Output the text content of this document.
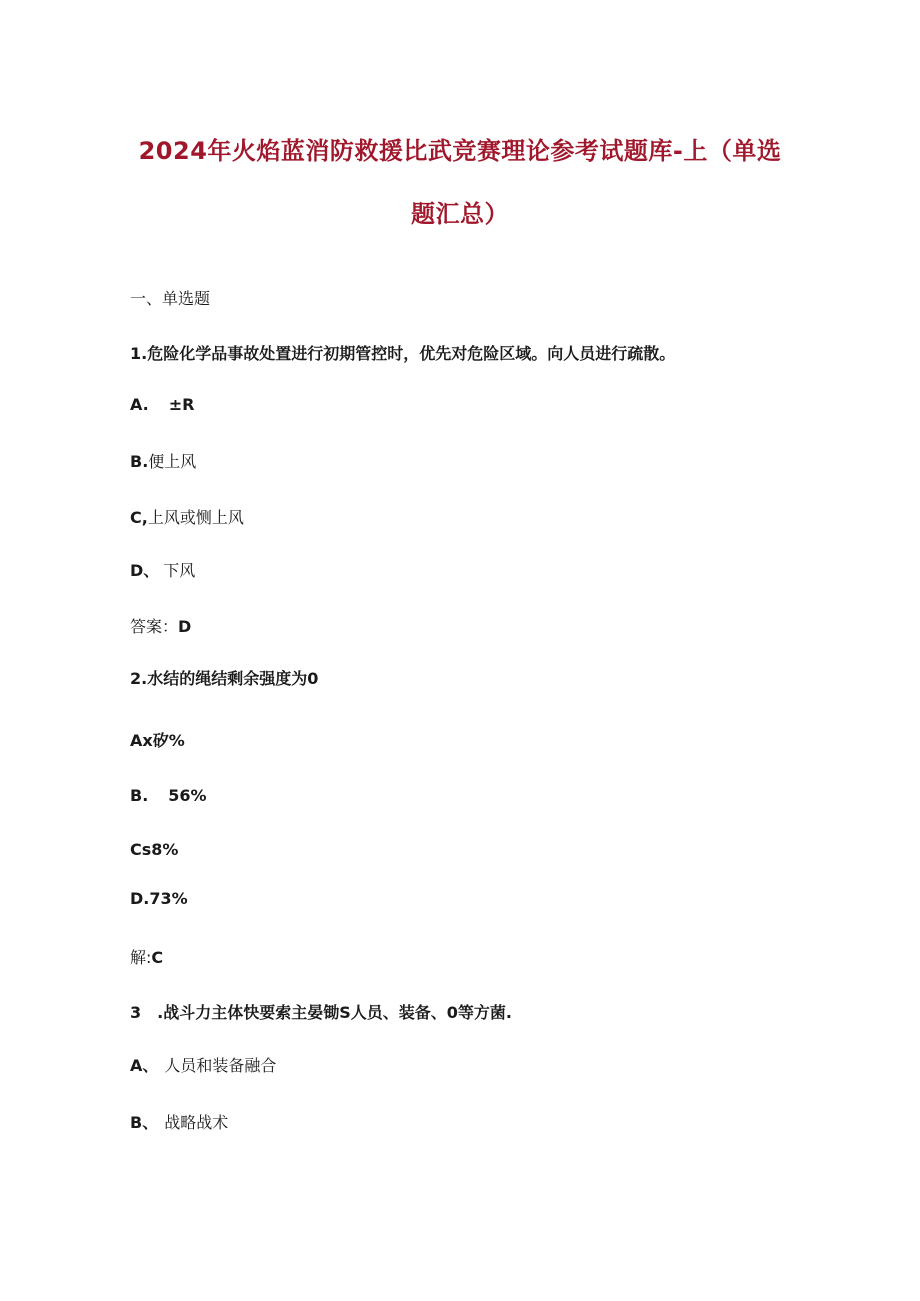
2024年火焰蓝消防救援比武竞赛理论参考试题库-上（单选
题汇总）
一、单选题
1.危险化学品事故处置进行初期管控时，优先对危险区域。向人员进行疏散。
A. ±R
B.便上风
C,上风或恻上风
D、 下风
答案：D
2.水结的绳结剩余强度为0
Ax矽%
B. 56%
Cs8%
D.73%
解:C
3 .战斗力主体快要索主晏锄S人员、装备、0等方菌.
A、 人员和装备融合
B、 战略战术
